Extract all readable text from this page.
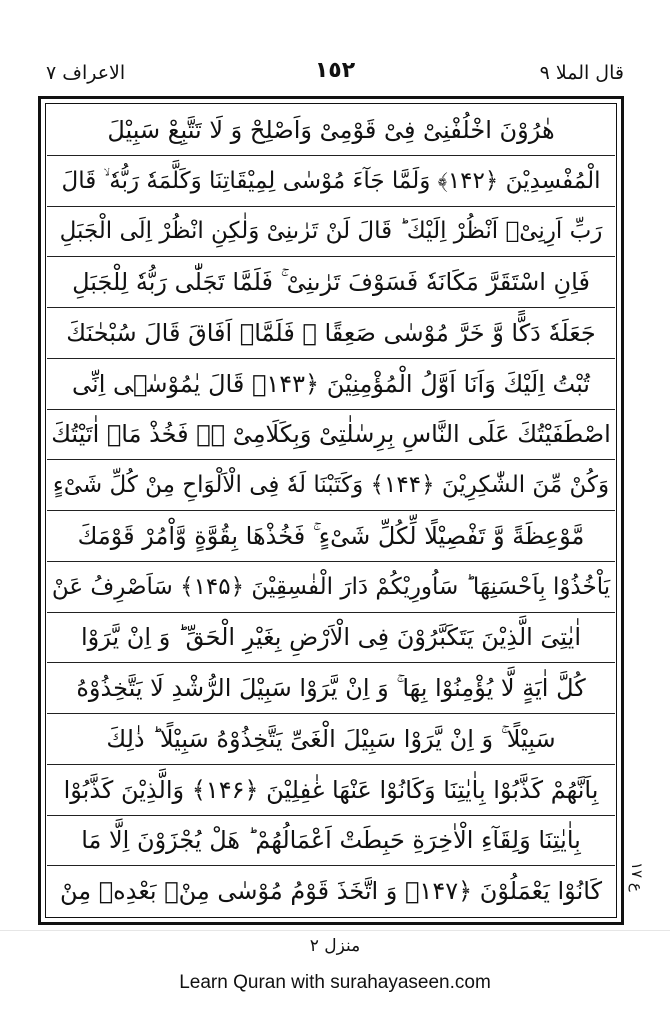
قال الملا ٩
١٥٢
الاعراف ٧
هٰرُوْنَ اخْلُفْنِیْ فِیْ قَوْمِیْ وَاَصْلِحْ وَ لَا تَتَّبِعْ سَبِیْلَ
الْمُفْسِدِیْنَ ﴿۱۴۲﴾ وَلَمَّا جَآءَ مُوْسٰی لِمِیْقَاتِنَا وَكَلَّمَهٗ رَبُّهٗ ۙ قَالَ
رَبِّ اَرِنِیْۤ اَنْظُرْ اِلَیْكَ ؕ قَالَ لَنْ تَرٰىنِیْ وَلٰكِنِ انْظُرْ اِلَی الْجَبَلِ
فَاِنِ اسْتَقَرَّ مَكَانَهٗ فَسَوْفَ تَرٰىنِیْ ۚ فَلَمَّا تَجَلّٰی رَبُّهٗ لِلْجَبَلِ
جَعَلَهٗ دَكًّا وَّ خَرَّ مُوْسٰی صَعِقًا ۚ فَلَمَّاۤ اَفَاقَ قَالَ سُبْحٰنَكَ
تُبْتُ اِلَیْكَ وَاَنَا اَوَّلُ الْمُؤْمِنِیْنَ ﴿۱۴۳﴾ قَالَ یٰمُوْسٰۤی اِنِّی
اصْطَفَیْتُكَ عَلَی النَّاسِ بِرِسٰلٰتِیْ وَبِكَلَامِیْ ۖ٘ فَخُذْ مَاۤ اٰتَیْتُكَ
وَكُنْ مِّنَ الشّٰكِرِیْنَ ﴿۱۴۴﴾ وَكَتَبْنَا لَهٗ فِی الْاَلْوَاحِ مِنْ كُلِّ شَیْءٍ
مَّوْعِظَةً وَّ تَفْصِیْلًا لِّكُلِّ شَیْءٍ ۚ فَخُذْهَا بِقُوَّةٍ وَّاْمُرْ قَوْمَكَ
یَاْخُذُوْا بِاَحْسَنِهَا ؕ سَاُورِیْكُمْ دَارَ الْفٰسِقِیْنَ ﴿۱۴۵﴾ سَاَصْرِفُ عَنْ
اٰیٰتِیَ الَّذِیْنَ یَتَكَبَّرُوْنَ فِی الْاَرْضِ بِغَیْرِ الْحَقِّ ؕ وَ اِنْ یَّرَوْا
كُلَّ اٰیَةٍ لَّا یُؤْمِنُوْا بِهَا ۚ وَ اِنْ یَّرَوْا سَبِیْلَ الرُّشْدِ لَا یَتَّخِذُوْهُ
سَبِیْلًا ۚ وَ اِنْ یَّرَوْا سَبِیْلَ الْغَیِّ یَتَّخِذُوْهُ سَبِیْلًا ؕ ذٰلِكَ
بِاَنَّهُمْ كَذَّبُوْا بِاٰیٰتِنَا وَكَانُوْا عَنْهَا غٰفِلِیْنَ ﴿۱۴۶﴾ وَالَّذِیْنَ كَذَّبُوْا
بِاٰیٰتِنَا وَلِقَآءِ الْاٰخِرَةِ حَبِطَتْ اَعْمَالُهُمْ ؕ هَلْ یُجْزَوْنَ اِلَّا مَا
كَانُوْا یَعْمَلُوْنَ ﴿۱۴۷﴾ وَ اتَّخَذَ قَوْمُ مُوْسٰی مِنْۢ بَعْدِهٖ مِنْ
ع ١٧
منزل ٢
Learn Quran with surahayaseen.com
